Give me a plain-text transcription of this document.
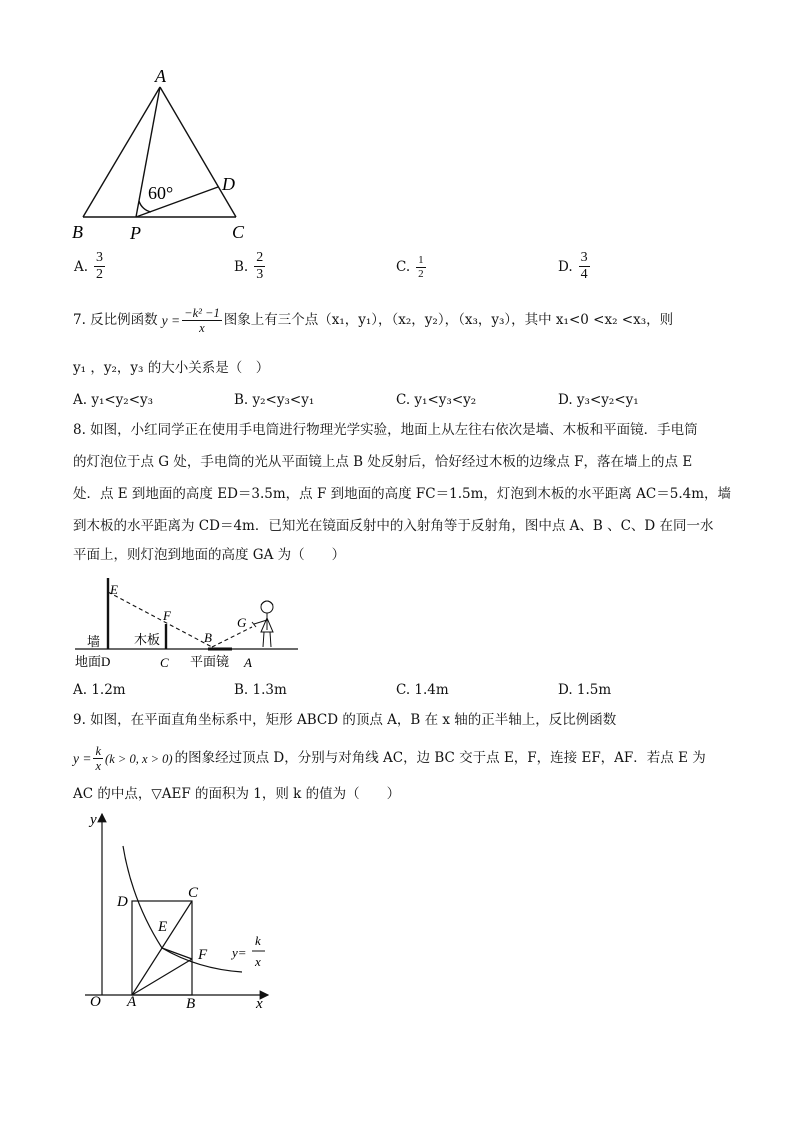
A
B	C
D
P
60°
A. $\frac{3}{2}$	B. $\frac{2}{3}$	C. $\frac{1}{2}$	D. $\frac{3}{4}$
7. 反比例函数 $y = \frac{\text{−k² −1}}{x}$ 图象上有三个点（x₁，y₁），（x₂，y₂），（x₃，y₃），其中 x₁<0 <x₂ <x₃，则
y₁ ，y₂，y₃ 的大小关系是（　）
A. y₁<y₂<y₃	B. y₂<y₃<y₁	C. y₁<y₃<y₂	D. y₃<y₂<y₁
8. 如图，小红同学正在使用手电筒进行物理光学实验，地面上从左往右依次是墙、木板和平面镜．手电筒
的灯泡位于点 G 处，手电筒的光从平面镜上点 B 处反射后，恰好经过木板的边缘点 F，落在墙上的点 E
处．点 E 到地面的高度 ED＝3.5m，点 F 到地面的高度 FC＝1.5m，灯泡到木板的水平距离 AC＝5.4m，墙
到木板的水平距离为 CD＝4m．已知光在镜面反射中的入射角等于反射角，图中点 A、B 、C、D 在同一水
平面上，则灯泡到地面的高度 GA 为（　　）
E
F
B
G
墙	木板
地面D	C 平面镜 A
A. 1.2m	B. 1.3m	C. 1.4m	D. 1.5m
9. 如图，在平面直角坐标系中，矩形 ABCD 的顶点 A，B 在 x 轴的正半轴上，反比例函数
$y = \frac{k}{x} (k > 0$, x > 0) 的图象经过顶点 D，分别与对角线 AC，边 BC 交于点 E，F，连接 EF，AF．若点 E 为
AC 的中点，▽AEF 的面积为 1，则 k 的值为（　　）
y
x
O A	B
C
D
E
F y=
k
x
